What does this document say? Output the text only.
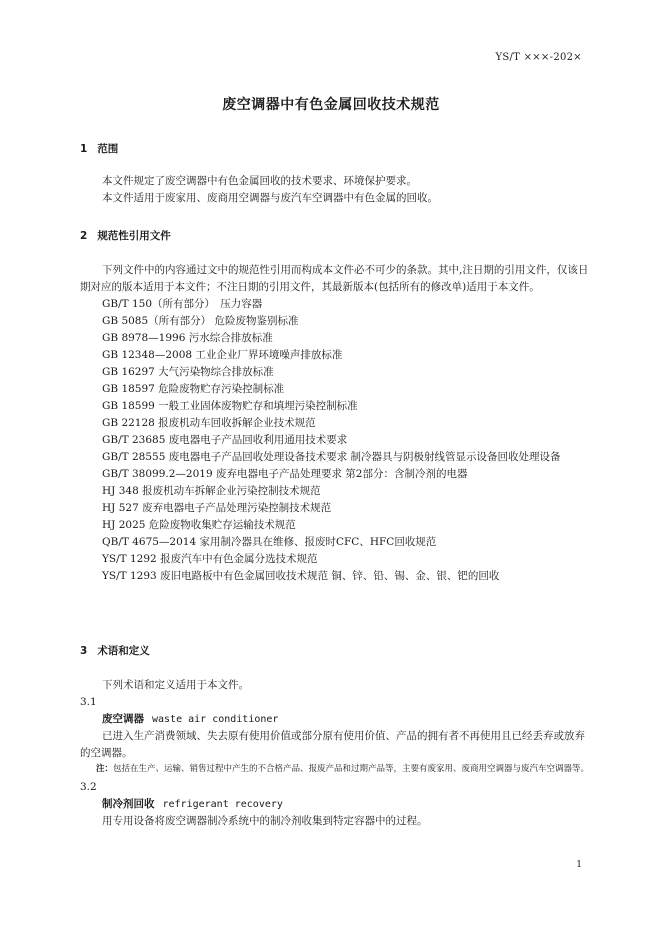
YS/T ×××-202×
废空调器中有色金属回收技术规范
1 范围

本文件规定了废空调器中有色金属回收的技术要求、环境保护要求。

本文件适用于废家用、废商用空调器与废汽车空调器中有色金属的回收。

2 规范性引用文件

下列文件中的内容通过文中的规范性引用而构成本文件必不可少的条款。其中,注日期的引用文件，仅该日期对应的版本适用于本文件；不注日期的引用文件，其最新版本(包括所有的修改单)适用于本文件。

GB/T 150（所有部分）　压力容器
GB 5085（所有部分） 危险废物鉴别标准
GB 8978—1996 污水综合排放标准
GB 12348—2008 工业企业厂界环境噪声排放标准
GB 16297 大气污染物综合排放标准
GB 18597 危险废物贮存污染控制标准
GB 18599 一般工业固体废物贮存和填埋污染控制标准
GB 22128 报废机动车回收拆解企业技术规范
GB/T 23685 废电器电子产品回收利用通用技术要求
GB/T 28555 废电器电子产品回收处理设备技术要求 制冷器具与阴极射线管显示设备回收处理设备
GB/T 38099.2—2019 废弃电器电子产品处理要求 第2部分：含制冷剂的电器
HJ 348 报废机动车拆解企业污染控制技术规范
HJ 527 废弃电器电子产品处理污染控制技术规范
HJ 2025 危险废物收集贮存运输技术规范
QB/T 4675—2014 家用制冷器具在维修、报废时CFC、HFC回收规范
YS/T 1292 报废汽车中有色金属分选技术规范
YS/T 1293 废旧电路板中有色金属回收技术规范 铜、锌、铅、锡、金、银、钯的回收
3 术语和定义

下列术语和定义适用于本文件。

3.1
废空调器 waste air conditioner

已进入生产消费领域、失去原有使用价值或部分原有使用价值、产品的拥有者不再使用且已经丢弃或放弃的空调器。

注：包括在生产、运输、销售过程中产生的不合格产品、报废产品和过期产品等，主要有废家用、废商用空调器与废汽车空调器等。

3.2
制冷剂回收 refrigerant recovery

用专用设备将废空调器制冷系统中的制冷剂收集到特定容器中的过程。

1
